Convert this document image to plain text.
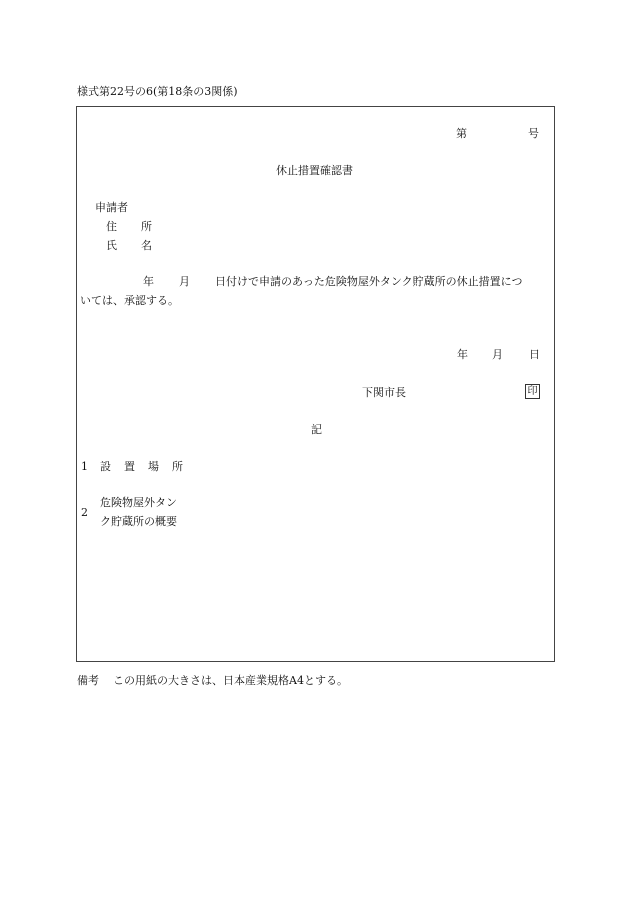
様式第22号の6(第18条の3関係)
第	号
休止措置確認書
申請者
住 所
氏 名
年 月 日付けで申請のあった危険物屋外タンク貯蔵所の休止措置につ
いては、承認する。
年 月 日
下関市長	印
記
1 設 置 場 所
2
危険物屋外タン
ク貯蔵所の概要
備考 この用紙の大きさは、日本産業規格A4とする。
